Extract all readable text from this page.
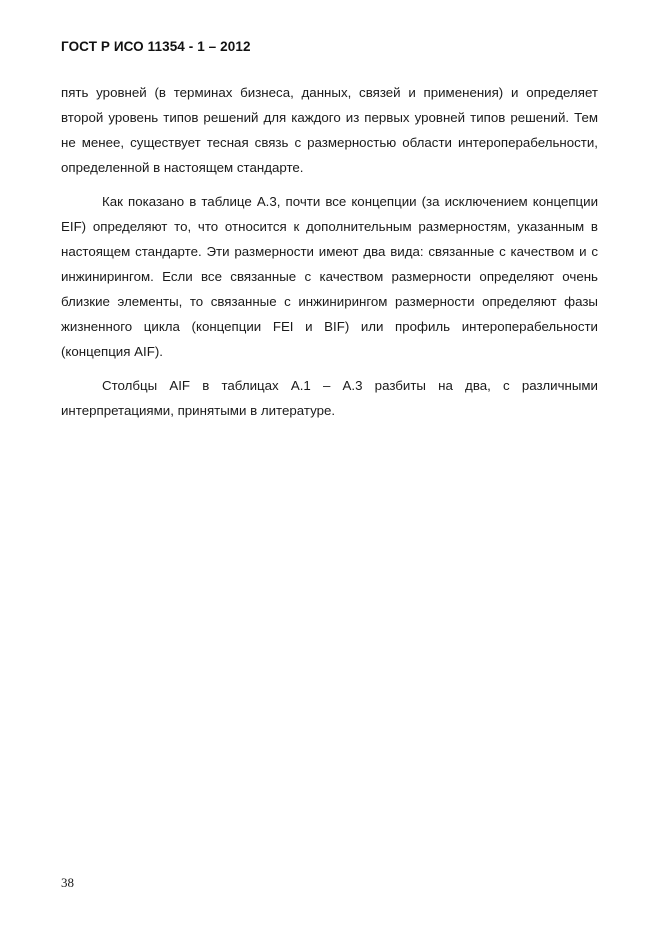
ГОСТ Р ИСО 11354 - 1 – 2012

пять уровней (в терминах бизнеса, данных, связей и применения) и определяет второй уровень типов решений для каждого из первых уровней типов решений. Тем не менее, существует тесная связь с размерностью области интероперабельности, определенной в настоящем стандарте.

Как показано в таблице А.3, почти все концепции (за исключением концепции EIF) определяют то, что относится к дополнительным размерностям, указанным в настоящем стандарте. Эти размерности имеют два вида: связанные с качеством и с инжинирингом. Если все связанные с качеством размерности определяют очень близкие элементы, то связанные с инжинирингом размерности определяют фазы жизненного цикла (концепции FEI и BIF) или профиль интероперабельности (концепция AIF).

Столбцы AIF в таблицах А.1 – А.3 разбиты на два, с различными интерпретациями, принятыми в литературе.

38
